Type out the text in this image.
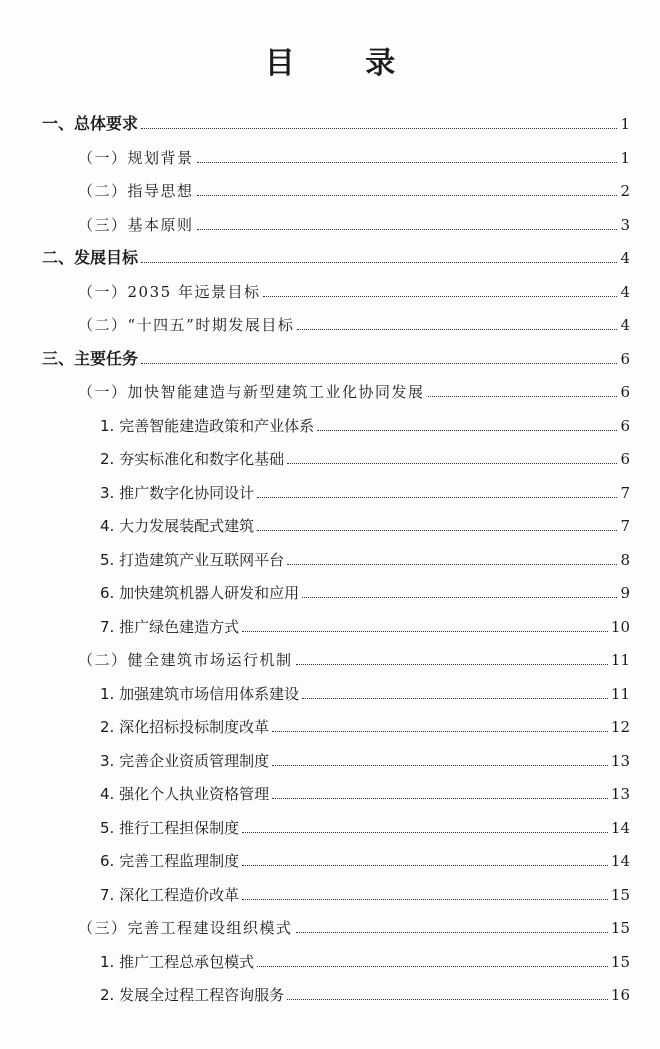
目 录
一、总体要求	1
（一）规划背景	1
（二）指导思想	2
（三）基本原则	3
二、发展目标	4
（一）2035 年远景目标	4
（二）“十四五”时期发展目标	4
三、主要任务	6
（一）加快智能建造与新型建筑工业化协同发展	6
1. 完善智能建造政策和产业体系	6
2. 夯实标准化和数字化基础	6
3. 推广数字化协同设计	7
4. 大力发展装配式建筑	7
5. 打造建筑产业互联网平台	8
6. 加快建筑机器人研发和应用	9
7. 推广绿色建造方式	10
（二）健全建筑市场运行机制	11
1. 加强建筑市场信用体系建设	11
2. 深化招标投标制度改革	12
3. 完善企业资质管理制度	13
4. 强化个人执业资格管理	13
5. 推行工程担保制度	14
6. 完善工程监理制度	14
7. 深化工程造价改革	15
（三）完善工程建设组织模式	15
1. 推广工程总承包模式	15
2. 发展全过程工程咨询服务	16
